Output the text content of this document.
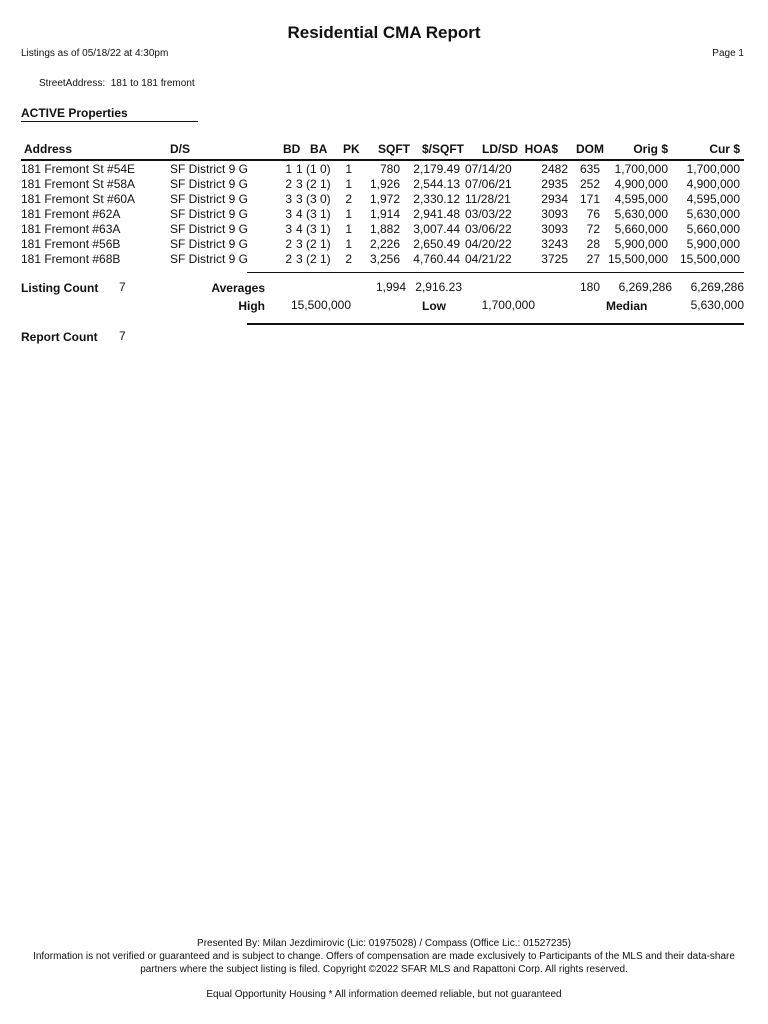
Residential CMA Report
Listings as of 05/18/22 at 4:30pm	Page 1
StreetAddress: 181 to 181 fremont
ACTIVE Properties
Address	D/S	BD BA PK	SQFT $/SQFT	LD/SD HOA$	DOM	Orig $	Cur $
181 Fremont St #54E	SF District 9 G	1 1 (1 0)	1	780	2,179.49 07/14/20	2482 635	1,700,000	1,700,000
181 Fremont St #58A	SF District 9 G	2 3 (2 1)	1	1,926	2,544.13 07/06/21	2935 252	4,900,000	4,900,000
181 Fremont St #60A	SF District 9 G	3 3 (3 0)	2	1,972	2,330.12 11/28/21	2934 171	4,595,000	4,595,000
181 Fremont #62A	SF District 9 G	3 4 (3 1)	1	1,914	2,941.48 03/03/22	3093	76	5,630,000	5,630,000
181 Fremont #63A	SF District 9 G	3 4 (3 1)	1	1,882	3,007.44 03/06/22	3093	72	5,660,000	5,660,000
181 Fremont #56B	SF District 9 G	2 3 (2 1)	1	2,226	2,650.49 04/20/22	3243	28	5,900,000	5,900,000
181 Fremont #68B	SF District 9 G	2 3 (2 1)	2	3,256	4,760.44 04/21/22	3725	27 15,500,000 15,500,000
Listing Count 7	Averages	1,994 2,916.23	180	6,269,286	6,269,286
High	15,500,000	Low	1,700,000	Median	5,630,000
Report Count 7
Presented By: Milan Jezdimirovic (Lic: 01975028) / Compass (Office Lic.: 01527235)
Information is not verified or guaranteed and is subject to change. Offers of compensation are made exclusively to Participants of the MLS and their data-share
partners where the subject listing is filed. Copyright ©2022 SFAR MLS and Rapattoni Corp. All rights reserved.
Equal Opportunity Housing * All information deemed reliable, but not guaranteed
